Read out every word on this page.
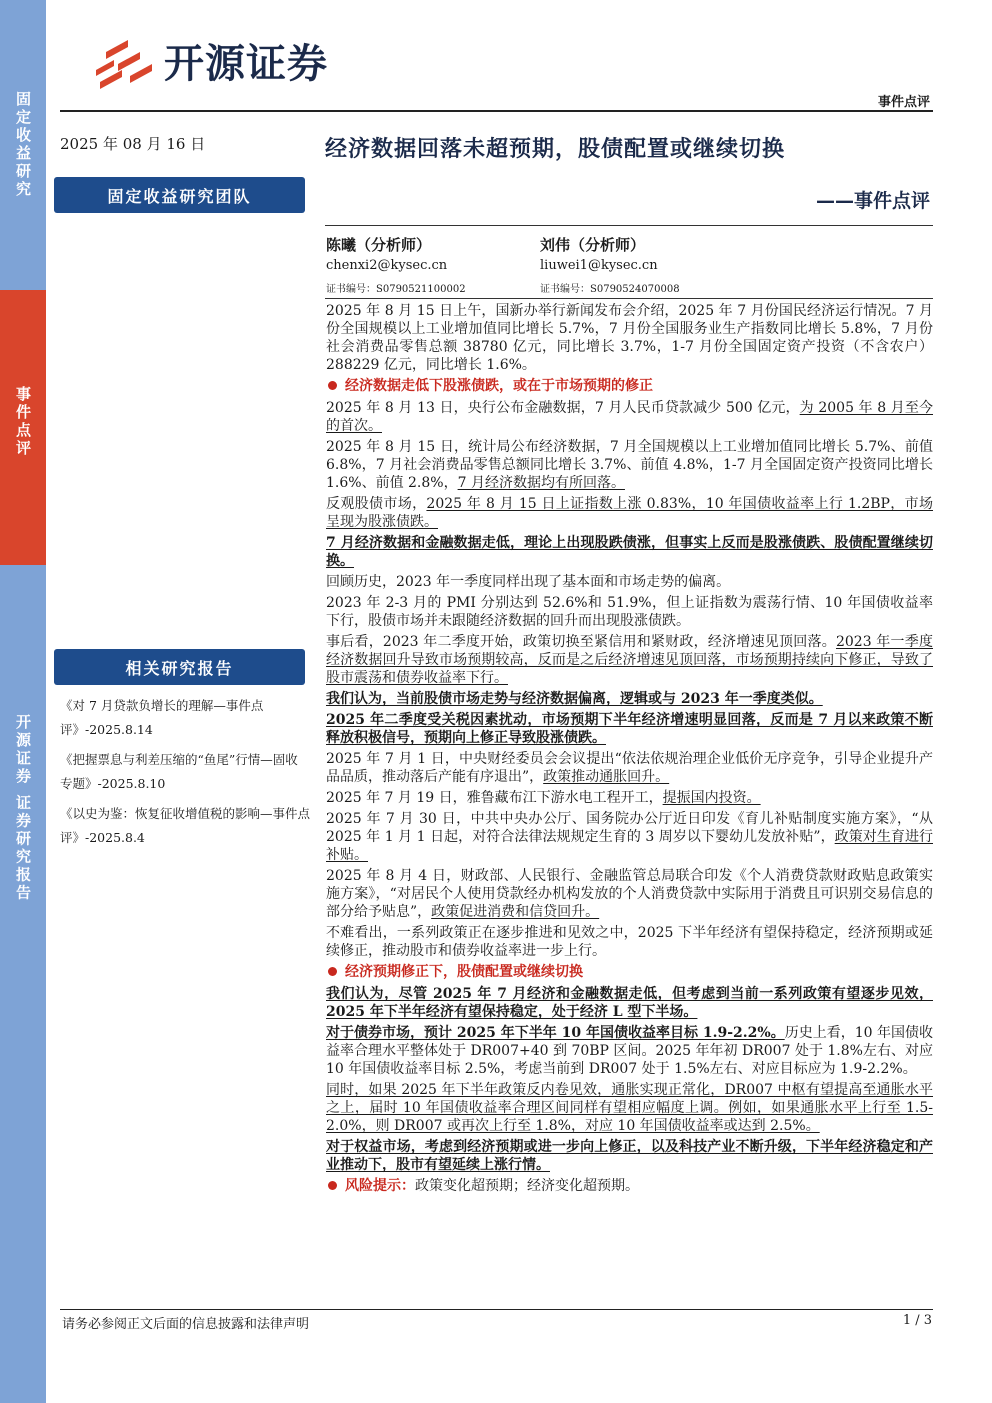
固定收益研究
事件点评
开源证券 证券研究报告
开源证券
事件点评
2025 年 08 月 16 日
固定收益研究团队
经济数据回落未超预期，股债配置或继续切换
——事件点评
陈曦（分析师）
chenxi2@kysec.cn
证书编号：S0790521100002
刘伟（分析师）
liuwei1@kysec.cn
证书编号：S0790524070008
相关研究报告
《对 7 月贷款负增长的理解—事件点评》-2025.8.14
《把握票息与利差压缩的“鱼尾”行情—固收专题》-2025.8.10
《以史为鉴：恢复征收增值税的影响—事件点评》-2025.8.4

2025 年 8 月 15 日上午，国新办举行新闻发布会介绍，2025 年 7 月份国民经济运行情况。7 月份全国规模以上工业增加值同比增长 5.7%，7 月份全国服务业生产指数同比增长 5.8%，7 月份社会消费品零售总额 38780 亿元，同比增长 3.7%，1-7 月份全国固定资产投资（不含农户）288229 亿元，同比增长 1.6%。

经济数据走低下股涨债跌，或在于市场预期的修正

2025 年 8 月 13 日，央行公布金融数据，7 月人民币贷款减少 500 亿元，为 2005 年 8 月至今的首次。

2025 年 8 月 15 日，统计局公布经济数据，7 月全国规模以上工业增加值同比增长 5.7%、前值 6.8%，7 月社会消费品零售总额同比增长 3.7%、前值 4.8%，1-7 月全国固定资产投资同比增长 1.6%、前值 2.8%，7 月经济数据均有所回落。

反观股债市场，2025 年 8 月 15 日上证指数上涨 0.83%，10 年国债收益率上行 1.2BP，市场呈现为股涨债跌。

7 月经济数据和金融数据走低，理论上出现股跌债涨，但事实上反而是股涨债跌、股债配置继续切换。

回顾历史，2023 年一季度同样出现了基本面和市场走势的偏离。

2023 年 2-3 月的 PMI 分别达到 52.6%和 51.9%，但上证指数为震荡行情、10 年国债收益率下行，股债市场并未跟随经济数据的回升而出现股涨债跌。

事后看，2023 年二季度开始，政策切换至紧信用和紧财政，经济增速见顶回落。2023 年一季度经济数据回升导致市场预期较高，反而是之后经济增速见顶回落，市场预期持续向下修正，导致了股市震荡和债券收益率下行。

我们认为，当前股债市场走势与经济数据偏离，逻辑或与 2023 年一季度类似。

2025 年二季度受关税因素扰动，市场预期下半年经济增速明显回落，反而是 7 月以来政策不断释放积极信号，预期向上修正导致股涨债跌。

2025 年 7 月 1 日，中央财经委员会会议提出“依法依规治理企业低价无序竞争，引导企业提升产品品质，推动落后产能有序退出”，政策推动通胀回升。

2025 年 7 月 19 日，雅鲁藏布江下游水电工程开工，提振国内投资。

2025 年 7 月 30 日，中共中央办公厅、国务院办公厅近日印发《育儿补贴制度实施方案》，“从 2025 年 1 月 1 日起，对符合法律法规规定生育的 3 周岁以下婴幼儿发放补贴”，政策对生育进行补贴。

2025 年 8 月 4 日，财政部、人民银行、金融监管总局联合印发《个人消费贷款财政贴息政策实施方案》，“对居民个人使用贷款经办机构发放的个人消费贷款中实际用于消费且可识别交易信息的部分给予贴息”，政策促进消费和信贷回升。

不难看出，一系列政策正在逐步推进和见效之中，2025 下半年经济有望保持稳定，经济预期或延续修正，推动股市和债券收益率进一步上行。

经济预期修正下，股债配置或继续切换

我们认为，尽管 2025 年 7 月经济和金融数据走低，但考虑到当前一系列政策有望逐步见效，2025 年下半年经济有望保持稳定，处于经济 L 型下半场。

对于债券市场，预计 2025 年下半年 10 年国债收益率目标 1.9-2.2%。历史上看，10 年国债收益率合理水平整体处于 DR007+40 到 70BP 区间。2025 年年初 DR007 处于 1.8%左右、对应 10 年国债收益率目标 2.5%，考虑当前到 DR007 处于 1.5%左右、对应目标应为 1.9-2.2%。

同时，如果 2025 年下半年政策反内卷见效，通胀实现正常化，DR007 中枢有望提高至通胀水平之上，届时 10 年国债收益率合理区间同样有望相应幅度上调。例如，如果通胀水平上行至 1.5-2.0%，则 DR007 或再次上行至 1.8%，对应 10 年国债收益率或达到 2.5%。

对于权益市场，考虑到经济预期或进一步向上修正，以及科技产业不断升级，下半年经济稳定和产业推动下，股市有望延续上涨行情。

风险提示：政策变化超预期；经济变化超预期。
请务必参阅正文后面的信息披露和法律声明	1 / 3
